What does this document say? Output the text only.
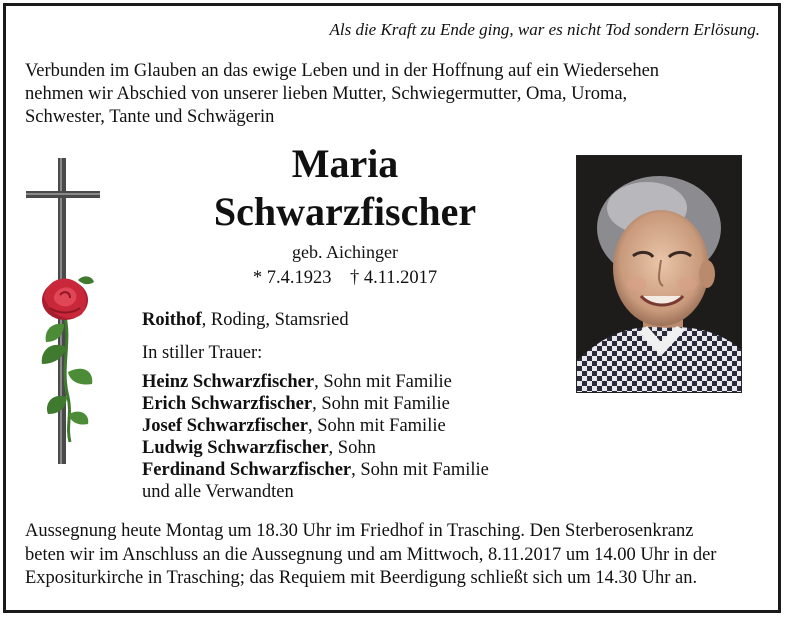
Als die Kraft zu Ende ging, war es nicht Tod sondern Erlösung.
Verbunden im Glauben an das ewige Leben und in der Hoffnung auf ein Wiedersehen
nehmen wir Abschied von unserer lieben Mutter, Schwiegermutter, Oma, Uroma,
Schwester, Tante und Schwägerin
Maria
Schwarzfischer
geb. Aichinger
* 7.4.1923 † 4.11.2017
Roithof, Roding, Stamsried
In stiller Trauer:
Heinz Schwarzfischer, Sohn mit Familie
Erich Schwarzfischer, Sohn mit Familie
Josef Schwarzfischer, Sohn mit Familie
Ludwig Schwarzfischer, Sohn
Ferdinand Schwarzfischer, Sohn mit Familie
und alle Verwandten
Aussegnung heute Montag um 18.30 Uhr im Friedhof in Trasching. Den Sterberosenkranz
beten wir im Anschluss an die Aussegnung und am Mittwoch, 8.11.2017 um 14.00 Uhr in der
Expositurkirche in Trasching; das Requiem mit Beerdigung schließt sich um 14.30 Uhr an.
